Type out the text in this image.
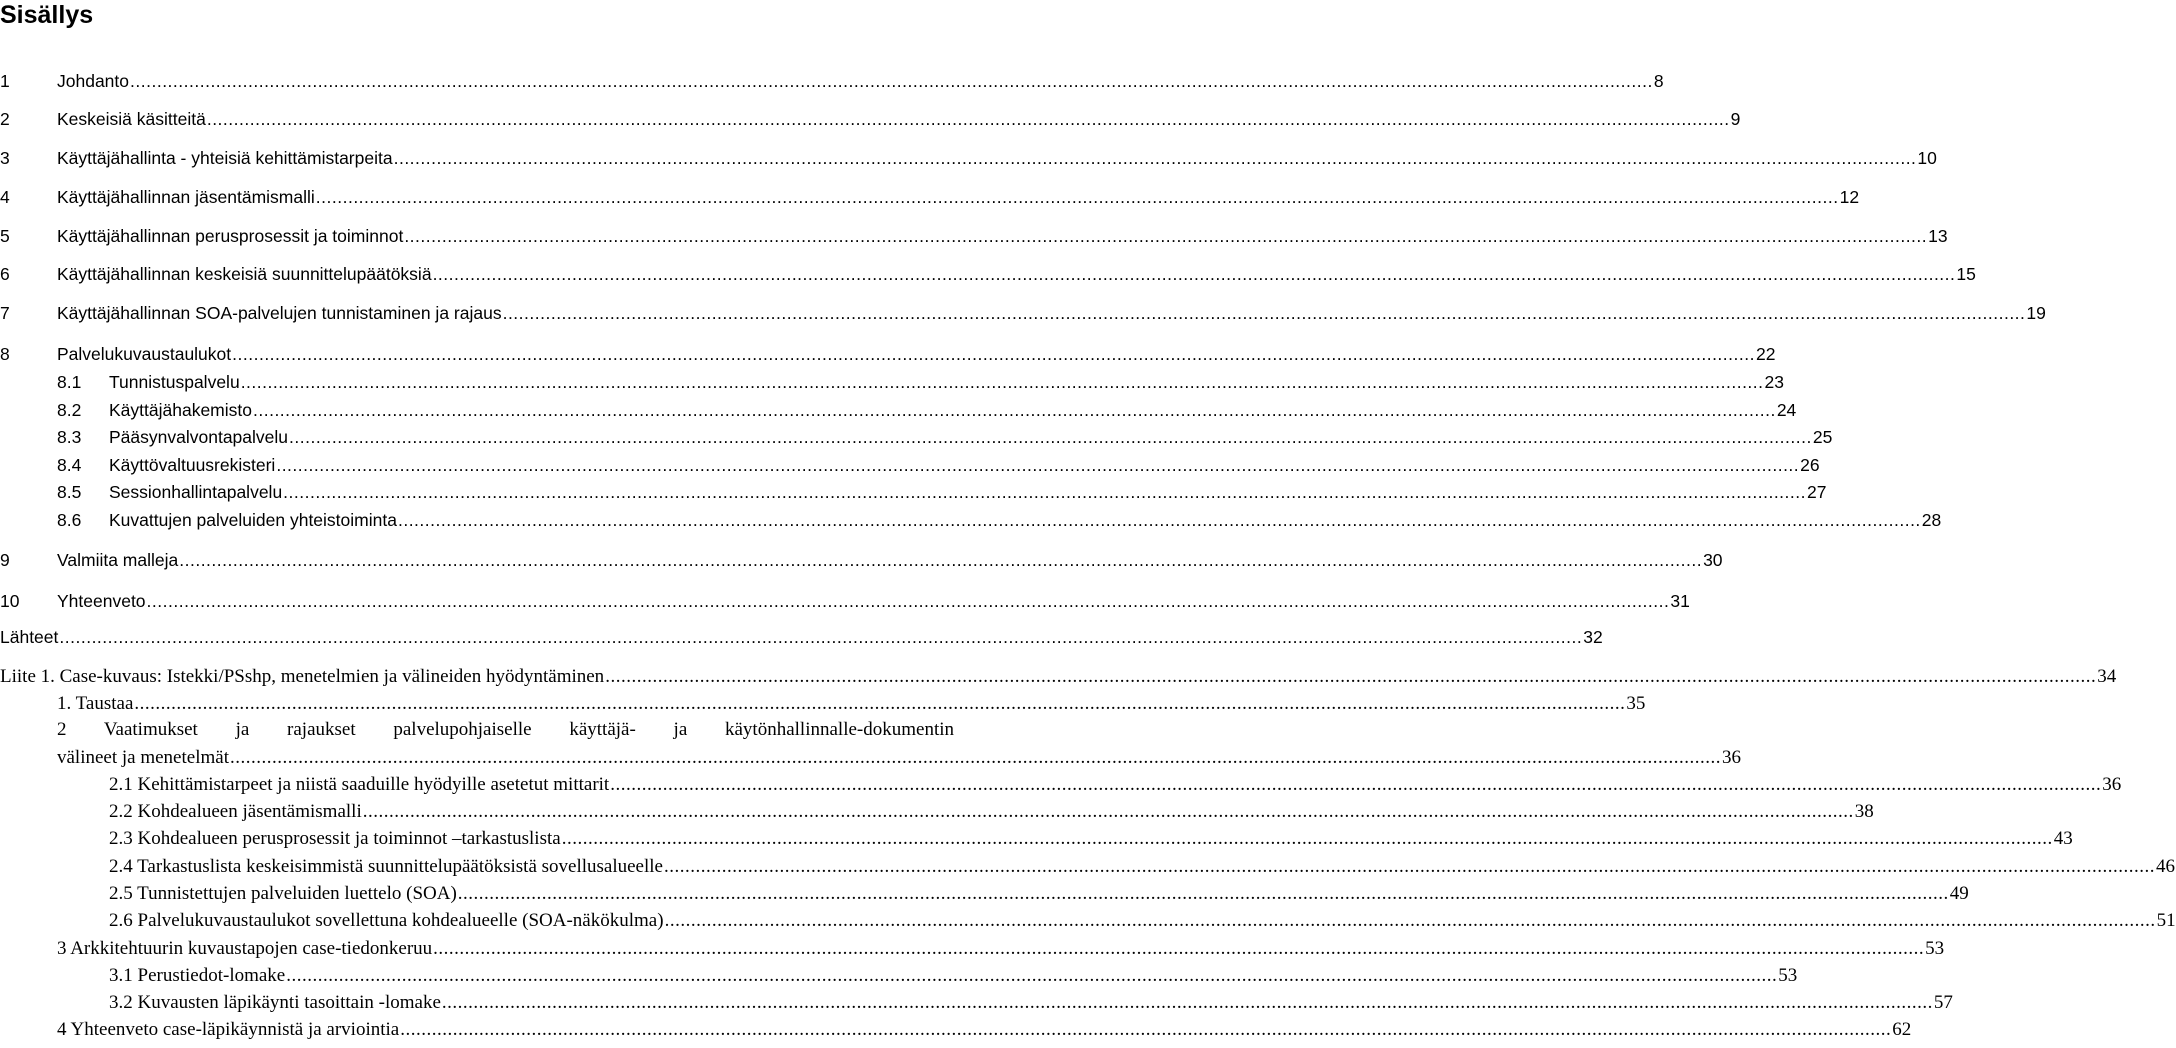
Sisällys
1	Johdanto .....	8
2	Keskeisiä käsitteitä .....	9
3	Käyttäjähallinta - yhteisiä kehittämistarpeita .....	10
4	Käyttäjähallinnan jäsentämismalli .....	12
5	Käyttäjähallinnan perusprosessit ja toiminnot .....	13
6	Käyttäjähallinnan keskeisiä suunnittelupäätöksiä .....	15
7	Käyttäjähallinnan SOA-palvelujen tunnistaminen ja rajaus .....	19
8	Palvelukuvaustaulukot .....	22
8.1	Tunnistuspalvelu .....	23
8.2	Käyttäjähakemisto .....	24
8.3	Pääsynvalvontapalvelu .....	25
8.4	Käyttövaltuusrekisteri .....	26
8.5	Sessionhallintapalvelu .....	27
8.6	Kuvattujen palveluiden yhteistoiminta .....	28
9	Valmiita malleja .....	30
10	Yhteenveto .....	31
Lähteet .....	32
Liite 1. Case-kuvaus: Istekki/PSshp, menetelmien ja välineiden hyödyntäminen .....	34
1. Taustaa .....	35
2 Vaatimukset ja rajaukset palvelupohjaiselle käyttäjä- ja käytönhallinnalle-dokumentin
välineet ja menetelmät .....	36
2.1 Kehittämistarpeet ja niistä saaduille hyödyille asetetut mittarit .....	36
2.2 Kohdealueen jäsentämismalli .....	38
2.3 Kohdealueen perusprosessit ja toiminnot –tarkastuslista .....	43
2.4 Tarkastuslista keskeisimmistä suunnittelupäätöksistä sovellusalueelle .....	46
2.5 Tunnistettujen palveluiden luettelo (SOA) .....	49
2.6 Palvelukuvaustaulukot sovellettuna kohdealueelle (SOA-näkökulma) .....	51
3 Arkkitehtuurin kuvaustapojen case-tiedonkeruu .....	53
3.1 Perustiedot-lomake .....	53
3.2 Kuvausten läpikäynti tasoittain -lomake .....	57
4 Yhteenveto case-läpikäynnistä ja arviointia .....	62
